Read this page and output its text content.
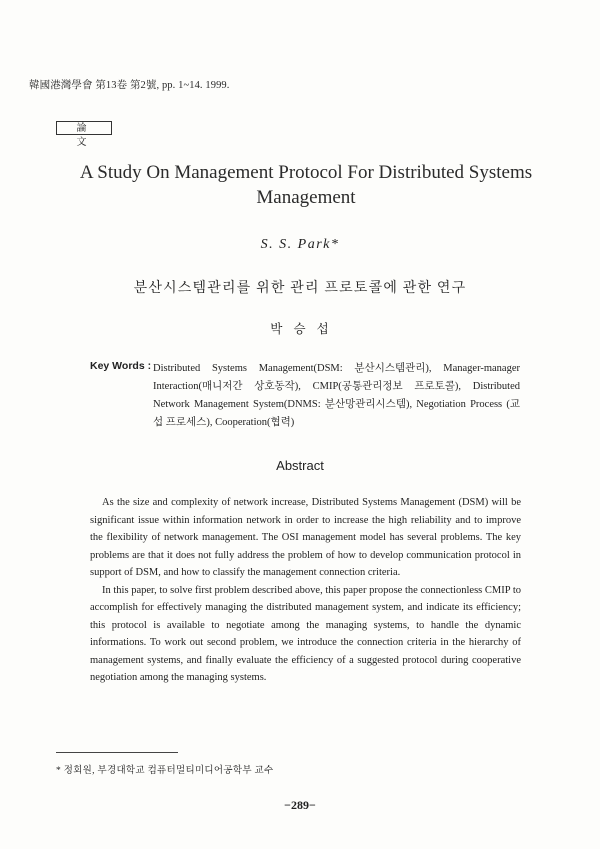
韓國港灣學會 第13卷 第2號, pp. 1~14. 1999.
論 文
A Study On Management Protocol For Distributed Systems Management
S. S. Park*
분산시스템관리를 위한 관리 프로토콜에 관한 연구
박 승 섭
Key Words : Distributed Systems Management(DSM: 분산시스템관리), Manager-manager Interaction(매니저간 상호동작), CMIP(공통관리정보 프로토콜), Distributed Network Management System(DNMS: 분산망관리시스템), Negotiation Process (교섭 프로세스), Cooperation(협력)
Abstract

As the size and complexity of network increase, Distributed Systems Management (DSM) will be significant issue within information network in order to increase the high reliability and to improve the flexibility of network management. The OSI management model has several problems. The key problems are that it does not fully address the problem of how to develop communication protocol in support of DSM, and how to classify the management connection criteria.

In this paper, to solve first problem described above, this paper propose the connectionless CMIP to accomplish for effectively managing the distributed management system, and indicate its efficiency; this protocol is available to negotiate among the managing systems, to handle the dynamic informations. To work out second problem, we introduce the connection criteria in the hierarchy of management systems, and finally evaluate the efficiency of a suggested protocol during cooperative negotiation among the managing systems.

* 정회원, 부경대학교 컴퓨터멀티미디어공학부 교수
−289−
